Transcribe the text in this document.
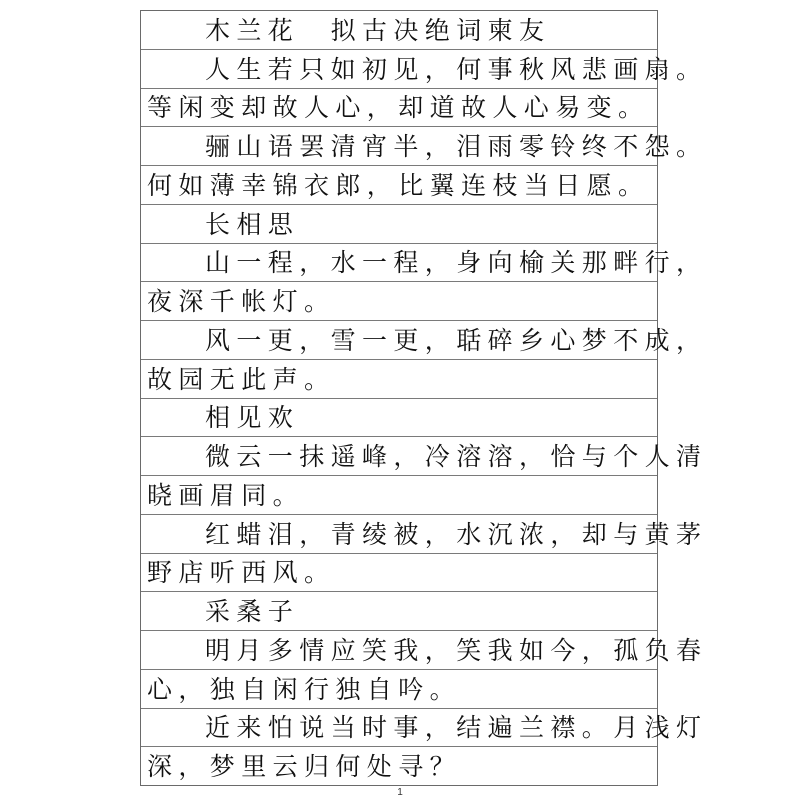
木兰花　拟古决绝词柬友
人生若只如初见，何事秋风悲画扇。
等闲变却故人心，却道故人心易变。
骊山语罢清宵半，泪雨零铃终不怨。
何如薄幸锦衣郎，比翼连枝当日愿。
长相思
山一程，水一程，身向榆关那畔行，
夜深千帐灯。
风一更，雪一更，聒碎乡心梦不成，
故园无此声。
相见欢
微云一抹遥峰，冷溶溶，恰与个人清
晓画眉同。
红蜡泪，青绫被，水沉浓，却与黄茅
野店听西风。
采桑子
明月多情应笑我，笑我如今，孤负春
心，独自闲行独自吟。
近来怕说当时事，结遍兰襟。月浅灯
深，梦里云归何处寻？
1
